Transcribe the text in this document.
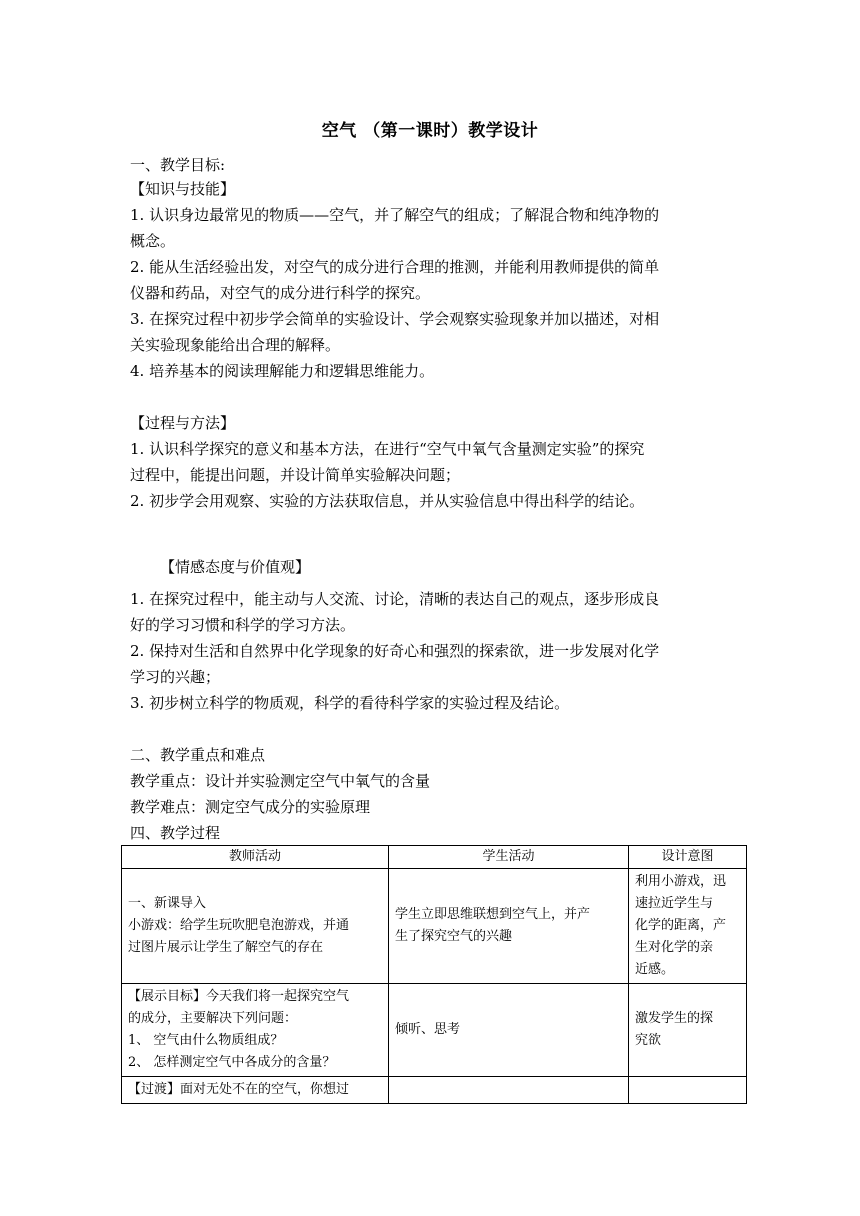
空气 （第一课时）教学设计
一、教学目标:
【知识与技能】
1. 认识身边最常见的物质——空气，并了解空气的组成；了解混合物和纯净物的
概念。
2. 能从生活经验出发，对空气的成分进行合理的推测，并能利用教师提供的简单
仪器和药品，对空气的成分进行科学的探究。
3. 在探究过程中初步学会简单的实验设计、学会观察实验现象并加以描述，对相
关实验现象能给出合理的解释。
4. 培养基本的阅读理解能力和逻辑思维能力。
【过程与方法】
1. 认识科学探究的意义和基本方法，在进行“空气中氧气含量测定实验”的探究
过程中，能提出问题，并设计简单实验解决问题；
2. 初步学会用观察、实验的方法获取信息，并从实验信息中得出科学的结论。
【情感态度与价值观】
1. 在探究过程中，能主动与人交流、讨论，清晰的表达自己的观点，逐步形成良
好的学习习惯和科学的学习方法。
2. 保持对生活和自然界中化学现象的好奇心和强烈的探索欲，进一步发展对化学
学习的兴趣；
3. 初步树立科学的物质观，科学的看待科学家的实验过程及结论。
二、教学重点和难点
教学重点：设计并实验测定空气中氧气的含量
教学难点：测定空气成分的实验原理
四、教学过程
教师活动	学生活动	设计意图

一、新课导入
小游戏：给学生玩吹肥皂泡游戏，并通
过图片展示让学生了解空气的存在	学生立即思维联想到空气上，并产
生了探究空气的兴趣	利用小游戏，迅
速拉近学生与
化学的距离，产
生对化学的亲
近感。

【展示目标】今天我们将一起探究空气
的成分，主要解决下列问题：
1、 空气由什么物质组成？
2、 怎样测定空气中各成分的含量？	倾听、思考	激发学生的探
究欲

【过渡】面对无处不在的空气，你想过		
